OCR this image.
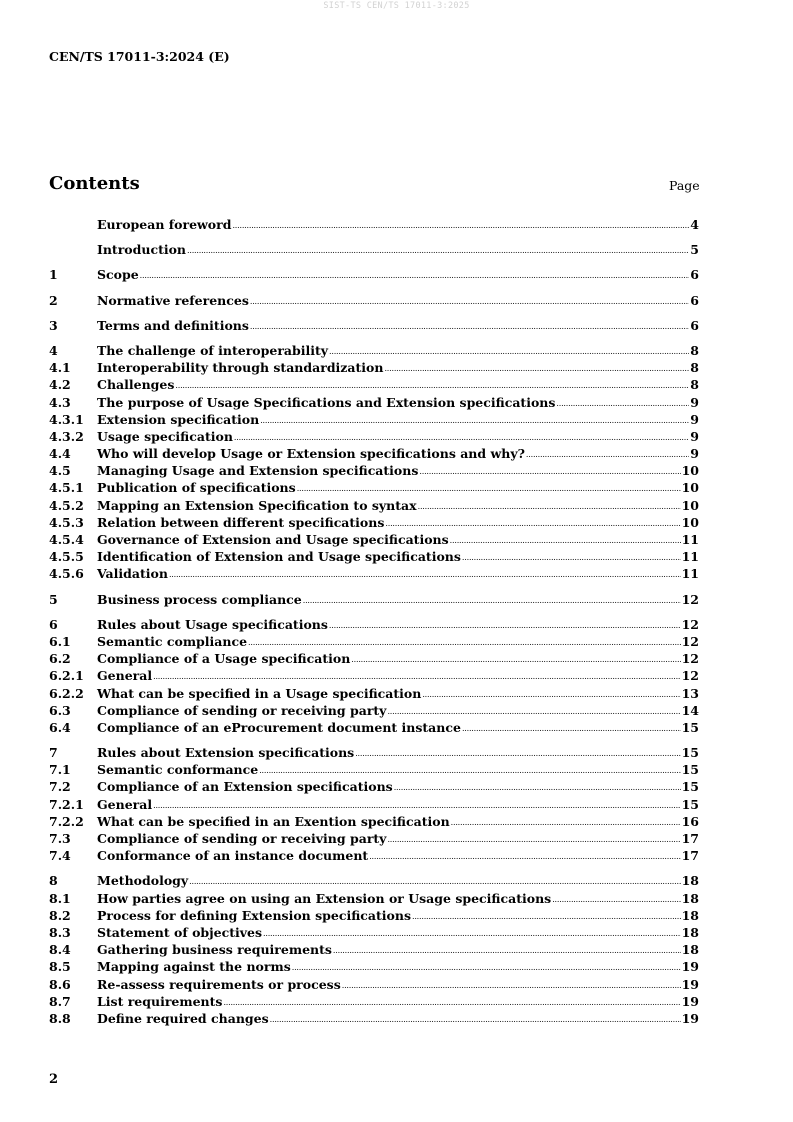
SIST-TS CEN/TS 17011-3:2025
CEN/TS 17011-3:2024 (E)
Contents	Page
European foreword .....	4
Introduction .....	5
1	Scope .....	6
2	Normative references .....	6
3	Terms and definitions .....	6
4	The challenge of interoperability .....	8
4.1	Interoperability through standardization .....	8
4.2	Challenges .....	8
4.3	The purpose of Usage Specifications and Extension specifications .....	9
4.3.1	Extension specification .....	9
4.3.2	Usage specification .....	9
4.4	Who will develop Usage or Extension specifications and why? .....	9
4.5	Managing Usage and Extension specifications .....	10
4.5.1	Publication of specifications .....	10
4.5.2	Mapping an Extension Specification to syntax .....	10
4.5.3	Relation between different specifications .....	10
4.5.4	Governance of Extension and Usage specifications .....	11
4.5.5	Identification of Extension and Usage specifications .....	11
4.5.6	Validation .....	11
5	Business process compliance .....	12
6	Rules about Usage specifications .....	12
6.1	Semantic compliance .....	12
6.2	Compliance of a Usage specification .....	12
6.2.1	General .....	12
6.2.2	What can be specified in a Usage specification .....	13
6.3	Compliance of sending or receiving party .....	14
6.4	Compliance of an eProcurement document instance .....	15
7	Rules about Extension specifications .....	15
7.1	Semantic conformance .....	15
7.2	Compliance of an Extension specifications .....	15
7.2.1	General .....	15
7.2.2	What can be specified in an Exention specification .....	16
7.3	Compliance of sending or receiving party .....	17
7.4	Conformance of an instance document .....	17
8	Methodology .....	18
8.1	How parties agree on using an Extension or Usage specifications .....	18
8.2	Process for defining Extension specifications .....	18
8.3	Statement of objectives .....	18
8.4	Gathering business requirements .....	18
8.5	Mapping against the norms .....	19
8.6	Re-assess requirements or process .....	19
8.7	List requirements .....	19
8.8	Define required changes .....	19
2
